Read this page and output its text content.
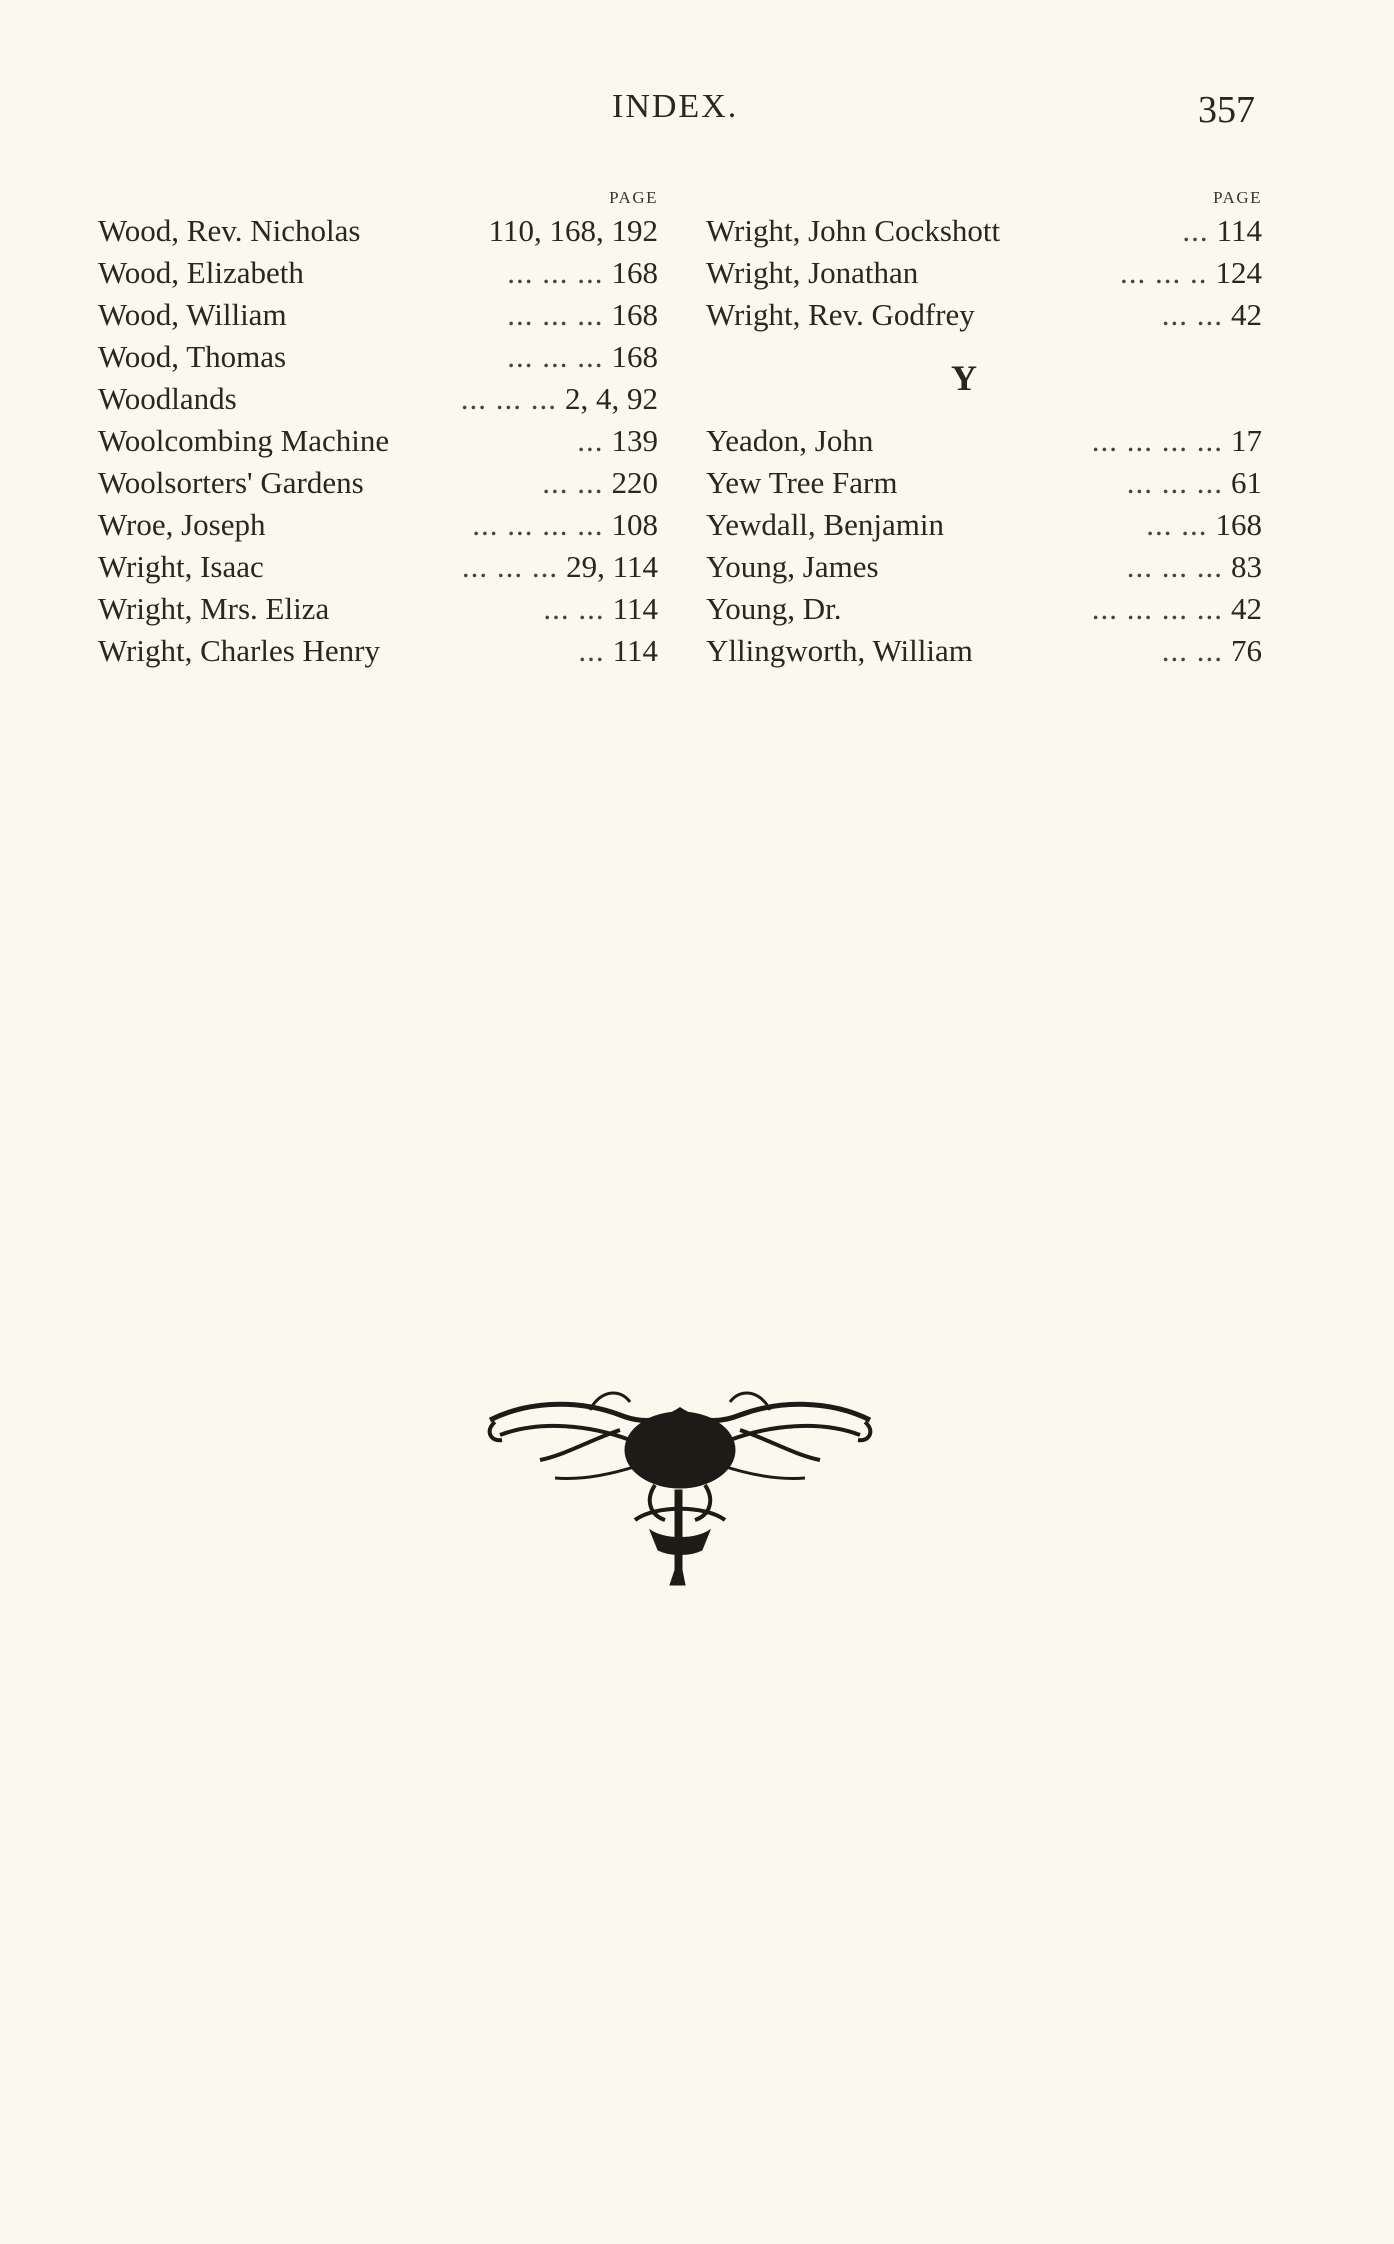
INDEX.	357
PAGE
Wood, Rev. Nicholas	110, 168, 192
Wood, Elizabeth	... ... ... 168
Wood, William	... ... ... 168
Wood, Thomas	... ... ... 168
Woodlands	... ... ... 2, 4, 92
Woolcombing Machine	... 139
Woolsorters' Gardens	... ... 220
Wroe, Joseph	... ... ... ... 108
Wright, Isaac	... ... ... 29, 114
Wright, Mrs. Eliza	... ... 114
Wright, Charles Henry	... 114
PAGE
Wright, John Cockshott	... 114
Wright, Jonathan	... ... .. 124
Wright, Rev. Godfrey	... ... 42
Y
Yeadon, John	... ... ... ... 17
Yew Tree Farm	... ... ... 61
Yewdall, Benjamin	... ... 168
Young, James	... ... ... 83
Young, Dr.	... ... ... ... 42
Yllingworth, William	... ... 76
